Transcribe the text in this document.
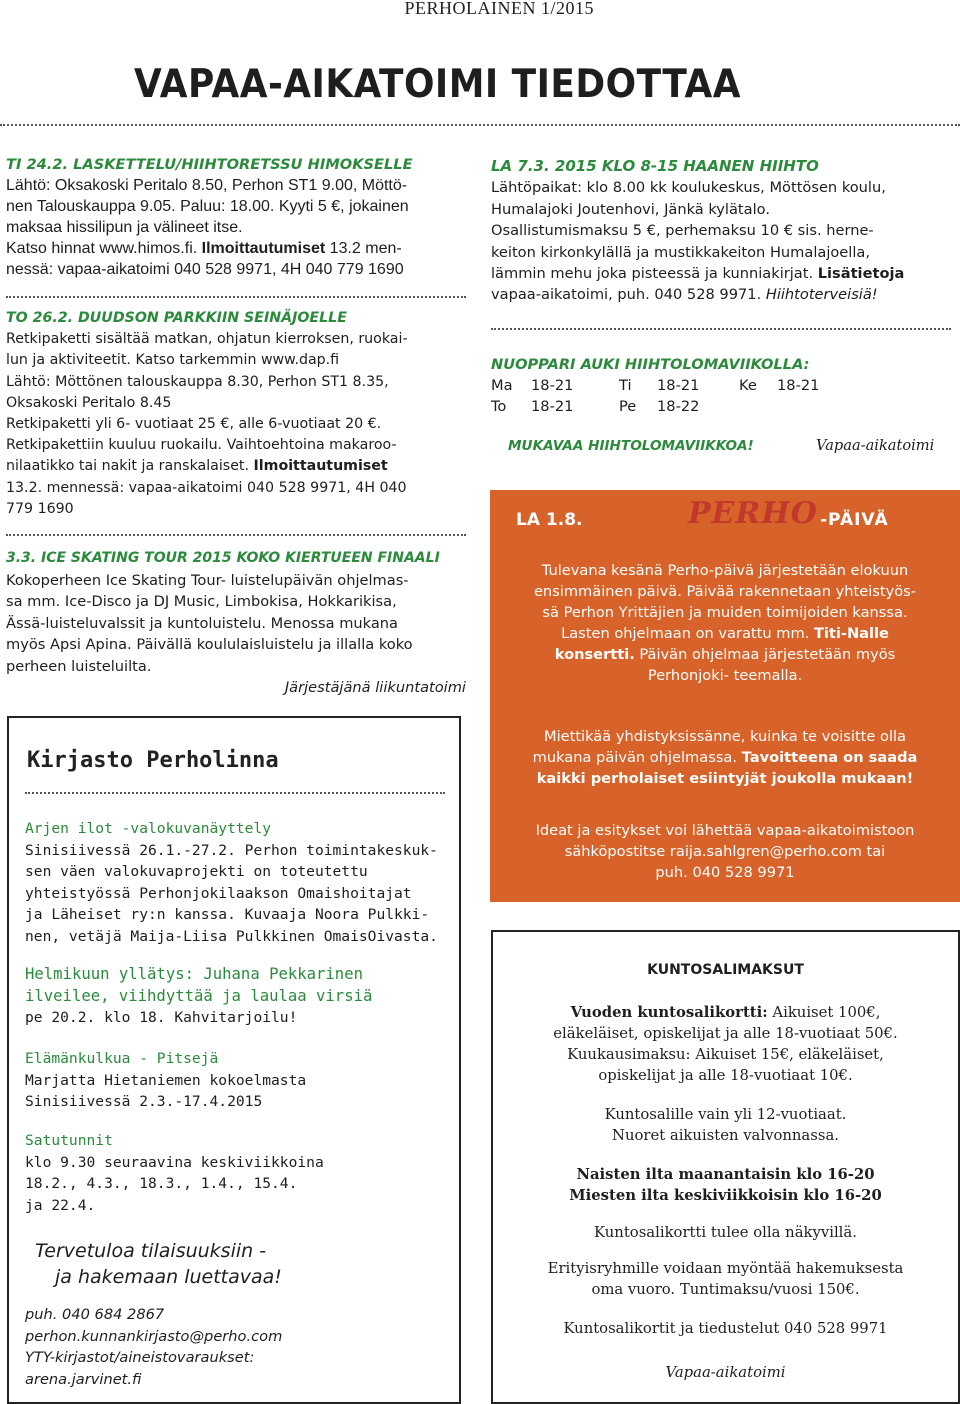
PERHOLAINEN 1/2015
VAPAA-AIKATOIMI TIEDOTTAA
TI 24.2. LASKETTELU/HIIHTORETSSU HIMOKSELLE
Lähtö: Oksakoski Peritalo 8.50, Perhon ST1 9.00, Möttö-
nen Talouskauppa 9.05. Paluu: 18.00. Kyyti 5 €, jokainen
maksaa hissilipun ja välineet itse.
Katso hinnat www.himos.fi. Ilmoittautumiset 13.2 men-
nessä: vapaa-aikatoimi 040 528 9971, 4H 040 779 1690
TO 26.2. DUUDSON PARKKIIN SEINÄJOELLE
Retkipaketti sisältää matkan, ohjatun kierroksen, ruokai-
lun ja aktiviteetit. Katso tarkemmin www.dap.fi
Lähtö: Möttönen talouskauppa 8.30, Perhon ST1 8.35,
Oksakoski Peritalo 8.45
Retkipaketti yli 6- vuotiaat 25 €, alle 6-vuotiaat 20 €.
Retkipakettiin kuuluu ruokailu. Vaihtoehtoina makaroo-
nilaatikko tai nakit ja ranskalaiset. Ilmoittautumiset
13.2. mennessä: vapaa-aikatoimi 040 528 9971, 4H 040
779 1690
3.3. ICE SKATING TOUR 2015 KOKO KIERTUEEN FINAALI
Kokoperheen Ice Skating Tour- luistelupäivän ohjelmas-
sa mm. Ice-Disco ja DJ Music, Limbokisa, Hokkarikisa,
Ässä-luisteluvalssit ja kuntoluistelu. Menossa mukana
myös Apsi Apina. Päivällä koululaisluistelu ja illalla koko
perheen luisteluilta.
Järjestäjänä liikuntatoimi
Kirjasto Perholinna
Arjen ilot -valokuvanäyttely
Sinisiivessä 26.1.-27.2. Perhon toimintakeskuk-
sen väen valokuvaprojekti on toteutettu
yhteistyössä Perhonjokilaakson Omaishoitajat
ja Läheiset ry:n kanssa. Kuvaaja Noora Pulkki-
nen, vetäjä Maija-Liisa Pulkkinen OmaisOivasta.
Helmikuun yllätys: Juhana Pekkarinen
ilveilee, viihdyttää ja laulaa virsiä
pe 20.2. klo 18. Kahvitarjoilu!
Elämänkulkua - Pitsejä
Marjatta Hietaniemen kokoelmasta
Sinisiivessä 2.3.-17.4.2015
Satutunnit
klo 9.30 seuraavina keskiviikkoina
18.2., 4.3., 18.3., 1.4., 15.4.
ja 22.4.
Tervetuloa tilaisuuksiin -
ja hakemaan luettavaa!
puh. 040 684 2867
perhon.kunnankirjasto@perho.com
YTY-kirjastot/aineistovaraukset:
arena.jarvinet.fi
LA 7.3. 2015 KLO 8-15 HAANEN HIIHTO
Lähtöpaikat: klo 8.00 kk koulukeskus, Möttösen koulu,
Humalajoki Joutenhovi, Jänkä kylätalo.
Osallistumismaksu 5 €, perhemaksu 10 € sis. herne-
keiton kirkonkylällä ja mustikkakeiton Humalajoella,
lämmin mehu joka pisteessä ja kunniakirjat. Lisätietoja
vapaa-aikatoimi, puh. 040 528 9971. Hiihtoterveisiä!
NUOPPARI AUKI HIIHTOLOMAVIIKOLLA:
Ma 18-21	Ti 18-21	Ke 18-21
To 18-21	Pe 18-22
MUKAVAA HIIHTOLOMAVIIKKOA!	Vapaa-aikatoimi
LA 1.8.	PERHO -PÄIVÄ
Tulevana kesänä Perho-päivä järjestetään elokuun
ensimmäinen päivä. Päivää rakennetaan yhteistyös-
sä Perhon Yrittäjien ja muiden toimijoiden kanssa.
Lasten ohjelmaan on varattu mm. Titi-Nalle
konsertti. Päivän ohjelmaa järjestetään myös
Perhonjoki- teemalla.
Miettikää yhdistyksissänne, kuinka te voisitte olla
mukana päivän ohjelmassa. Tavoitteena on saada
kaikki perholaiset esiintyjät joukolla mukaan!
Ideat ja esitykset voi lähettää vapaa-aikatoimistoon
sähköpostitse raija.sahlgren@perho.com tai
puh. 040 528 9971
KUNTOSALIMAKSUT
Vuoden kuntosalikortti: Aikuiset 100€,
eläkeläiset, opiskelijat ja alle 18-vuotiaat 50€.
Kuukausimaksu: Aikuiset 15€, eläkeläiset,
opiskelijat ja alle 18-vuotiaat 10€.
Kuntosalille vain yli 12-vuotiaat.
Nuoret aikuisten valvonnassa.
Naisten ilta maanantaisin klo 16-20
Miesten ilta keskiviikkoisin klo 16-20
Kuntosalikortti tulee olla näkyvillä.
Erityisryhmille voidaan myöntää hakemuksesta
oma vuoro. Tuntimaksu/vuosi 150€.
Kuntosalikortit ja tiedustelut 040 528 9971
Vapaa-aikatoimi
